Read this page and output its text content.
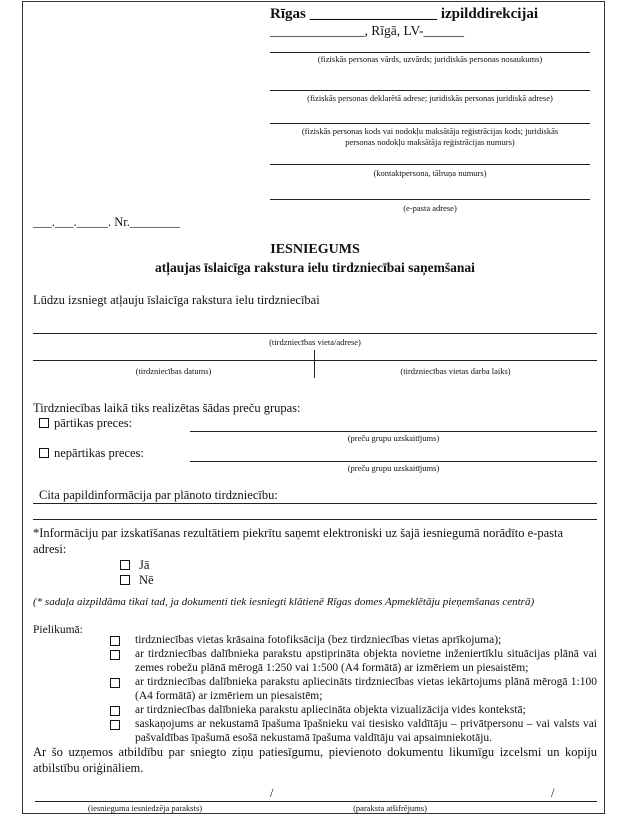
Rīgas _________________ izpilddirekcijai
______________, Rīgā, LV-______
(fiziskās personas vārds, uzvārds; juridiskās personas nosaukums)
(fiziskās personas deklarētā adrese; juridiskās personas juridiskā adrese)
(fiziskās personas kods vai nodokļu maksātāja reģistrācijas kods; juridiskās
personas nodokļu maksātāja reģistrācijas numurs)
(kontaktpersona, tālruņa numurs)
(e-pasta adrese)
___.___._____. Nr.________
IESNIEGUMS
atļaujas īslaicīga rakstura ielu tirdzniecībai saņemšanai
Lūdzu izsniegt atļauju īslaicīga rakstura ielu tirdzniecībai
(tirdzniecības vieta/adrese)
(tirdzniecības datums)	(tirdzniecības vietas darba laiks)
Tirdzniecības laikā tiks realizētas šādas preču grupas:
pārtikas preces:
(preču grupu uzskaitījums)
nepārtikas preces:
(preču grupu uzskaitījums)
Cita papildinformācija par plānoto tirdzniecību:
*Informāciju par izskatīšanas rezultātiem piekrītu saņemt elektroniski uz šajā iesniegumā norādīto e-pasta
adresi:
Jā
Nē
(* sadaļa aizpildāma tikai tad, ja dokumenti tiek iesniegti klātienē Rīgas domes Apmeklētāju pieņemšanas centrā)
Pielikumā:
tirdzniecības vietas krāsaina fotofiksācija (bez tirdzniecības vietas aprīkojuma);
ar tirdzniecības dalībnieka parakstu apstiprināta objekta novietne inženiertīklu situācijas plānā vai zemes robežu plānā mērogā 1:250 vai 1:500 (A4 formātā) ar izmēriem un piesaistēm;
ar tirdzniecības dalībnieka parakstu apliecināts tirdzniecības vietas iekārtojums plānā mērogā 1:100 (A4 formātā) ar izmēriem un piesaistēm;
ar tirdzniecības dalībnieka parakstu apliecināta objekta vizualizācija vides kontekstā;
saskaņojums ar nekustamā īpašuma īpašnieku vai tiesisko valdītāju – privātpersonu – vai valsts vai pašvaldības īpašumā esošā nekustamā īpašuma valdītāju vai apsaimniekotāju.
Ar šo uzņemos atbildību par sniegto ziņu patiesīgumu, pievienoto dokumentu likumīgu izcelsmi un kopiju atbilstību oriģināliem.
/	/
(iesnieguma iesniedzēja paraksts)	(paraksta atšifrējums)
